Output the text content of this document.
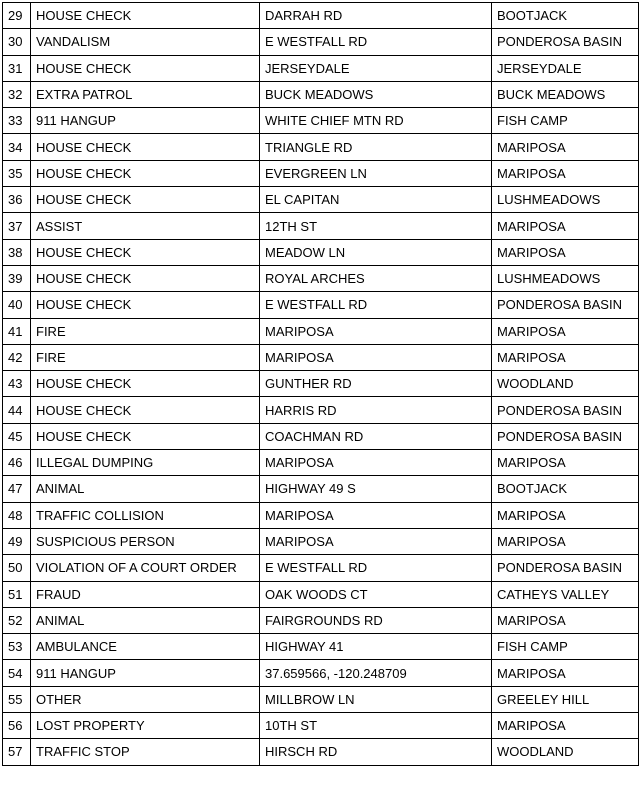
29	HOUSE CHECK	DARRAH RD	BOOTJACK
30	VANDALISM	E WESTFALL RD	PONDEROSA BASIN
31	HOUSE CHECK	JERSEYDALE	JERSEYDALE
32	EXTRA PATROL	BUCK MEADOWS	BUCK MEADOWS
33	911 HANGUP	WHITE CHIEF MTN RD	FISH CAMP
34	HOUSE CHECK	TRIANGLE RD	MARIPOSA
35	HOUSE CHECK	EVERGREEN LN	MARIPOSA
36	HOUSE CHECK	EL CAPITAN	LUSHMEADOWS
37	ASSIST	12TH ST	MARIPOSA
38	HOUSE CHECK	MEADOW LN	MARIPOSA
39	HOUSE CHECK	ROYAL ARCHES	LUSHMEADOWS
40	HOUSE CHECK	E WESTFALL RD	PONDEROSA BASIN
41	FIRE	MARIPOSA	MARIPOSA
42	FIRE	MARIPOSA	MARIPOSA
43	HOUSE CHECK	GUNTHER RD	WOODLAND
44	HOUSE CHECK	HARRIS RD	PONDEROSA BASIN
45	HOUSE CHECK	COACHMAN RD	PONDEROSA BASIN
46	ILLEGAL DUMPING	MARIPOSA	MARIPOSA
47	ANIMAL	HIGHWAY 49 S	BOOTJACK
48	TRAFFIC COLLISION	MARIPOSA	MARIPOSA
49	SUSPICIOUS PERSON	MARIPOSA	MARIPOSA
50	VIOLATION OF A COURT ORDER	E WESTFALL RD	PONDEROSA BASIN
51	FRAUD	OAK WOODS CT	CATHEYS VALLEY
52	ANIMAL	FAIRGROUNDS RD	MARIPOSA
53	AMBULANCE	HIGHWAY 41	FISH CAMP
54	911 HANGUP	37.659566, -120.248709	MARIPOSA
55	OTHER	MILLBROW LN	GREELEY HILL
56	LOST PROPERTY	10TH ST	MARIPOSA
57	TRAFFIC STOP	HIRSCH RD	WOODLAND
